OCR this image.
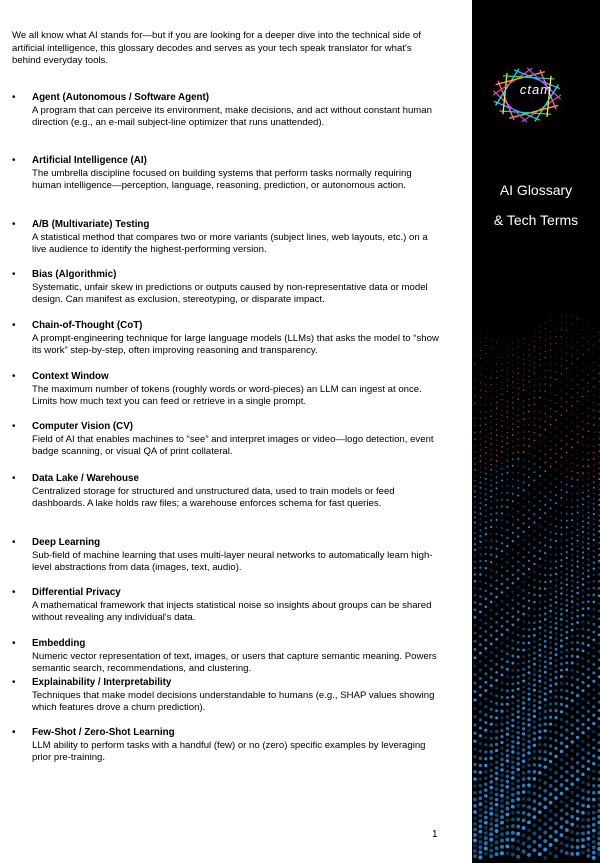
We all know what AI stands for—but if you are looking for a deeper dive into the technical side of artificial intelligence, this glossary decodes and serves as your tech speak translator for what's behind everyday tools.

• Agent (Autonomous / Software Agent)

A program that can perceive its environment, make decisions, and act without constant human direction (e.g., an e-mail subject-line optimizer that runs unattended).

• Artificial Intelligence (AI)

The umbrella discipline focused on building systems that perform tasks normally requiring human intelligence—perception, language, reasoning, prediction, or autonomous action.

• A/B (Multivariate) Testing

A statistical method that compares two or more variants (subject lines, web layouts, etc.) on a live audience to identify the highest-performing version.

• Bias (Algorithmic)

Systematic, unfair skew in predictions or outputs caused by non-representative data or model design. Can manifest as exclusion, stereotyping, or disparate impact.

• Chain-of-Thought (CoT)

A prompt-engineering technique for large language models (LLMs) that asks the model to “show its work” step-by-step, often improving reasoning and transparency.

• Context Window

The maximum number of tokens (roughly words or word-pieces) an LLM can ingest at once. Limits how much text you can feed or retrieve in a single prompt.

• Computer Vision (CV)

Field of AI that enables machines to “see” and interpret images or video—logo detection, event badge scanning, or visual QA of print collateral.

• Data Lake / Warehouse

Centralized storage for structured and unstructured data, used to train models or feed dashboards. A lake holds raw files; a warehouse enforces schema for fast queries.

• Deep Learning

Sub-field of machine learning that uses multi-layer neural networks to automatically learn high-level abstractions from data (images, text, audio).

• Differential Privacy

A mathematical framework that injects statistical noise so insights about groups can be shared without revealing any individual's data.

• Embedding

Numeric vector representation of text, images, or users that capture semantic meaning. Powers semantic search, recommendations, and clustering.

• Explainability / Interpretability

Techniques that make model decisions understandable to humans (e.g., SHAP values showing which features drove a churn prediction).

• Few-Shot / Zero-Shot Learning

LLM ability to perform tasks with a handful (few) or no (zero) specific examples by leveraging prior pre-training.

1
ctam
AI Glossary
& Tech Terms
